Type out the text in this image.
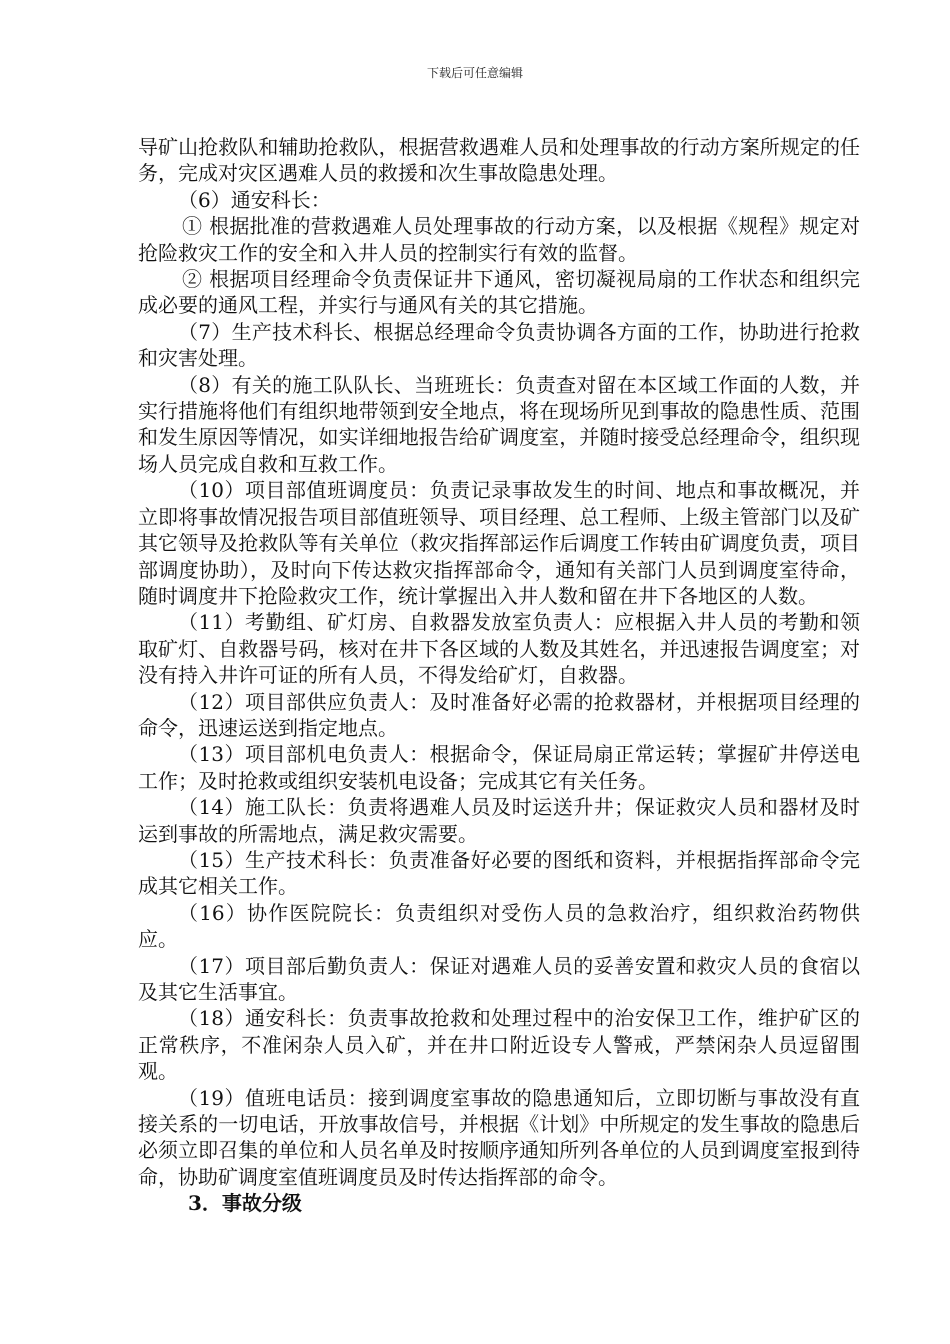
下载后可任意编辑

导矿山抢救队和辅助抢救队，根据营救遇难人员和处理事故的行动方案所规定的任务，完成对灾区遇难人员的救援和次生事故隐患处理。

（6）通安科长：

① 根据批准的营救遇难人员处理事故的行动方案，以及根据《规程》规定对抢险救灾工作的安全和入井人员的控制实行有效的监督。

② 根据项目经理命令负责保证井下通风，密切凝视局扇的工作状态和组织完成必要的通风工程，并实行与通风有关的其它措施。

（7）生产技术科长、根据总经理命令负责协调各方面的工作，协助进行抢救和灾害处理。

（8）有关的施工队队长、当班班长：负责查对留在本区域工作面的人数，并实行措施将他们有组织地带领到安全地点，将在现场所见到事故的隐患性质、范围和发生原因等情况，如实详细地报告给矿调度室，并随时接受总经理命令，组织现场人员完成自救和互救工作。

（10）项目部值班调度员：负责记录事故发生的时间、地点和事故概况，并立即将事故情况报告项目部值班领导、项目经理、总工程师、上级主管部门以及矿其它领导及抢救队等有关单位（救灾指挥部运作后调度工作转由矿调度负责，项目部调度协助），及时向下传达救灾指挥部命令，通知有关部门人员到调度室待命，随时调度井下抢险救灾工作，统计掌握出入井人数和留在井下各地区的人数。

（11）考勤组、矿灯房、自救器发放室负责人：应根据入井人员的考勤和领取矿灯、自救器号码，核对在井下各区域的人数及其姓名，并迅速报告调度室；对没有持入井许可证的所有人员，不得发给矿灯，自救器。

（12）项目部供应负责人：及时准备好必需的抢救器材，并根据项目经理的命令，迅速运送到指定地点。

（13）项目部机电负责人：根据命令，保证局扇正常运转；掌握矿井停送电工作；及时抢救或组织安装机电设备；完成其它有关任务。

（14）施工队长：负责将遇难人员及时运送升井；保证救灾人员和器材及时运到事故的所需地点，满足救灾需要。

（15）生产技术科长：负责准备好必要的图纸和资料，并根据指挥部命令完成其它相关工作。

（16）协作医院院长：负责组织对受伤人员的急救治疗，组织救治药物供应。

（17）项目部后勤负责人：保证对遇难人员的妥善安置和救灾人员的食宿以及其它生活事宜。

（18）通安科长：负责事故抢救和处理过程中的治安保卫工作，维护矿区的正常秩序，不准闲杂人员入矿，并在井口附近设专人警戒，严禁闲杂人员逗留围观。

（19）值班电话员：接到调度室事故的隐患通知后，立即切断与事故没有直接关系的一切电话，开放事故信号，并根据《计划》中所规定的发生事故的隐患后必须立即召集的单位和人员名单及时按顺序通知所列各单位的人员到调度室报到待命，协助矿调度室值班调度员及时传达指挥部的命令。

3．事故分级
